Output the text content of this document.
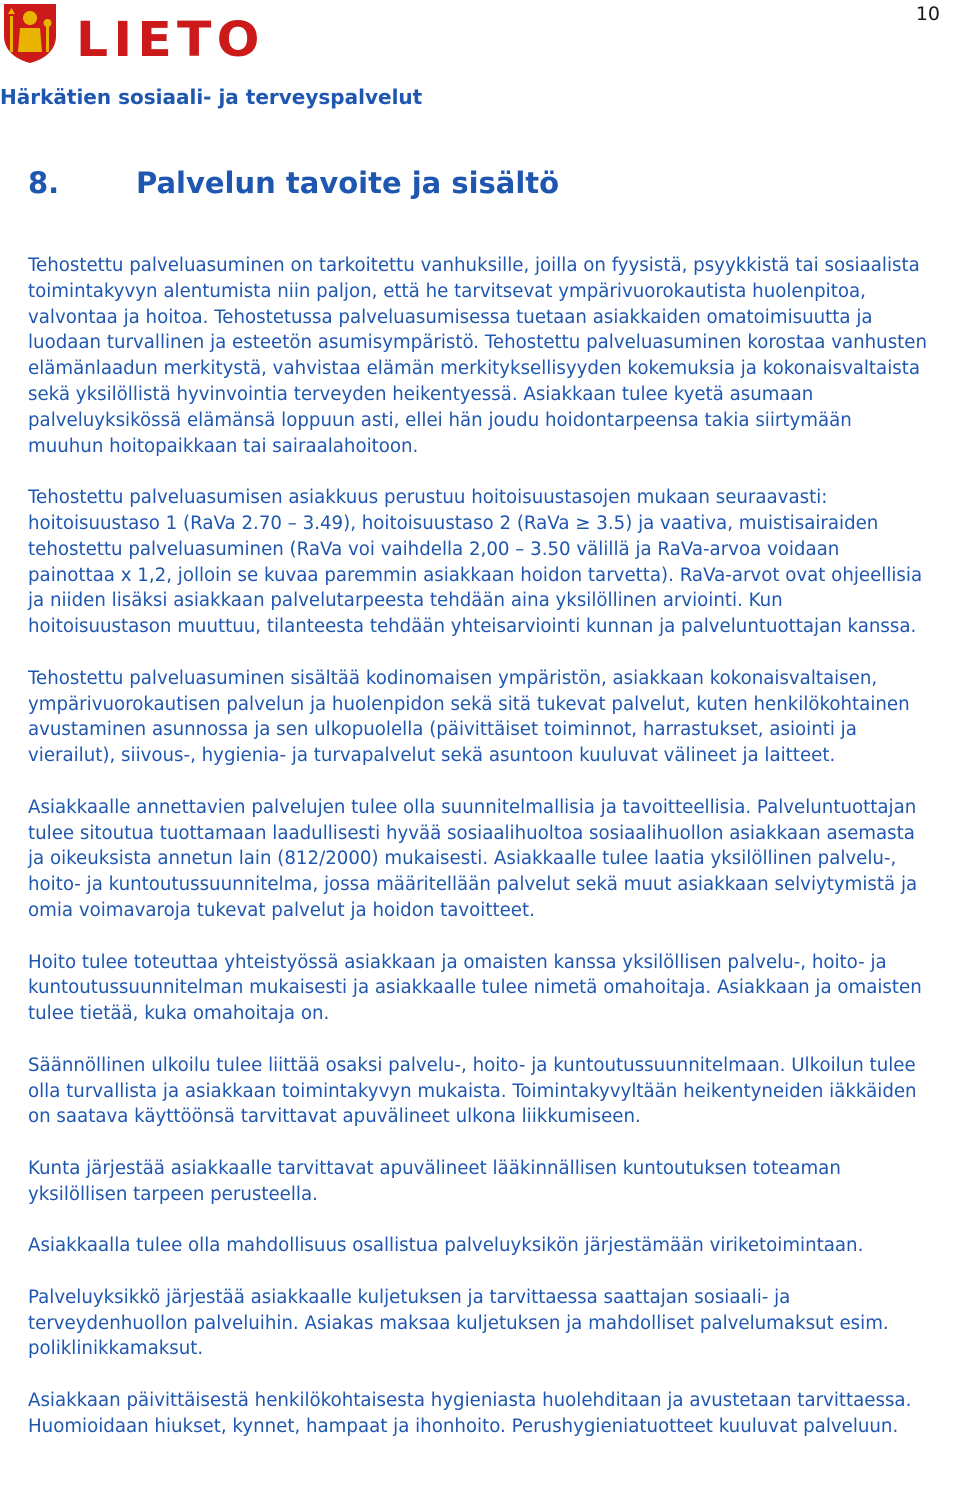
LIETO	10
Härkätien sosiaali- ja terveyspalvelut
8.	Palvelun tavoite ja sisältö

Tehostettu palveluasuminen on tarkoitettu vanhuksille, joilla on fyysistä, psyykkistä tai sosiaalista toimintakyvyn alentumista niin paljon, että he tarvitsevat ympärivuorokautista huolenpitoa, valvontaa ja hoitoa. Tehostetussa palveluasumisessa tuetaan asiakkaiden omatoimisuutta ja luodaan turvallinen ja esteetön asumisympäristö. Tehostettu palveluasuminen korostaa vanhusten elämänlaadun merkitystä, vahvistaa elämän merkityksellisyyden kokemuksia ja kokonaisvaltaista sekä yksilöllistä hyvinvointia terveyden heikentyessä. Asiakkaan tulee kyetä asumaan palveluyksikössä elämänsä loppuun asti, ellei hän joudu hoidontarpeensa takia siirtymään muuhun hoitopaikkaan tai sairaalahoitoon.

Tehostettu palveluasumisen asiakkuus perustuu hoitoisuustasojen mukaan seuraavasti: hoitoisuustaso 1 (RaVa 2.70 – 3.49), hoitoisuustaso 2 (RaVa ≥ 3.5) ja vaativa, muistisairaiden tehostettu palveluasuminen (RaVa voi vaihdella 2,00 – 3.50 välillä ja RaVa-arvoa voidaan painottaa x 1,2, jolloin se kuvaa paremmin asiakkaan hoidon tarvetta). RaVa-arvot ovat ohjeellisia ja niiden lisäksi asiakkaan palvelutarpeesta tehdään aina yksilöllinen arviointi. Kun hoitoisuustason muuttuu, tilanteesta tehdään yhteisarviointi kunnan ja palveluntuottajan kanssa.

Tehostettu palveluasuminen sisältää kodinomaisen ympäristön, asiakkaan kokonaisvaltaisen, ympärivuorokautisen palvelun ja huolenpidon sekä sitä tukevat palvelut, kuten henkilökohtainen avustaminen asunnossa ja sen ulkopuolella (päivittäiset toiminnot, harrastukset, asiointi ja vierailut), siivous-, hygienia- ja turvapalvelut sekä asuntoon kuuluvat välineet ja laitteet.

Asiakkaalle annettavien palvelujen tulee olla suunnitelmallisia ja tavoitteellisia. Palveluntuottajan tulee sitoutua tuottamaan laadullisesti hyvää sosiaalihuoltoa sosiaalihuollon asiakkaan asemasta ja oikeuksista annetun lain (812/2000) mukaisesti. Asiakkaalle tulee laatia yksilöllinen palvelu-, hoito- ja kuntoutussuunnitelma, jossa määritellään palvelut sekä muut asiakkaan selviytymistä ja omia voimavaroja tukevat palvelut ja hoidon tavoitteet.

Hoito tulee toteuttaa yhteistyössä asiakkaan ja omaisten kanssa yksilöllisen palvelu-, hoito- ja kuntoutussuunnitelman mukaisesti ja asiakkaalle tulee nimetä omahoitaja. Asiakkaan ja omaisten tulee tietää, kuka omahoitaja on.

Säännöllinen ulkoilu tulee liittää osaksi palvelu-, hoito- ja kuntoutussuunnitelmaan. Ulkoilun tulee olla turvallista ja asiakkaan toimintakyvyn mukaista. Toimintakyvyltään heikentyneiden iäkkäiden on saatava käyttöönsä tarvittavat apuvälineet ulkona liikkumiseen.

Kunta järjestää asiakkaalle tarvittavat apuvälineet lääkinnällisen kuntoutuksen toteaman yksilöllisen tarpeen perusteella.

Asiakkaalla tulee olla mahdollisuus osallistua palveluyksikön järjestämään viriketoimintaan.

Palveluyksikkö järjestää asiakkaalle kuljetuksen ja tarvittaessa saattajan sosiaali- ja terveydenhuollon palveluihin. Asiakas maksaa kuljetuksen ja mahdolliset palvelumaksut esim. poliklinikkamaksut.

Asiakkaan päivittäisestä henkilökohtaisesta hygieniasta huolehditaan ja avustetaan tarvittaessa. Huomioidaan hiukset, kynnet, hampaat ja ihonhoito. Perushygieniatuotteet kuuluvat palveluun.
